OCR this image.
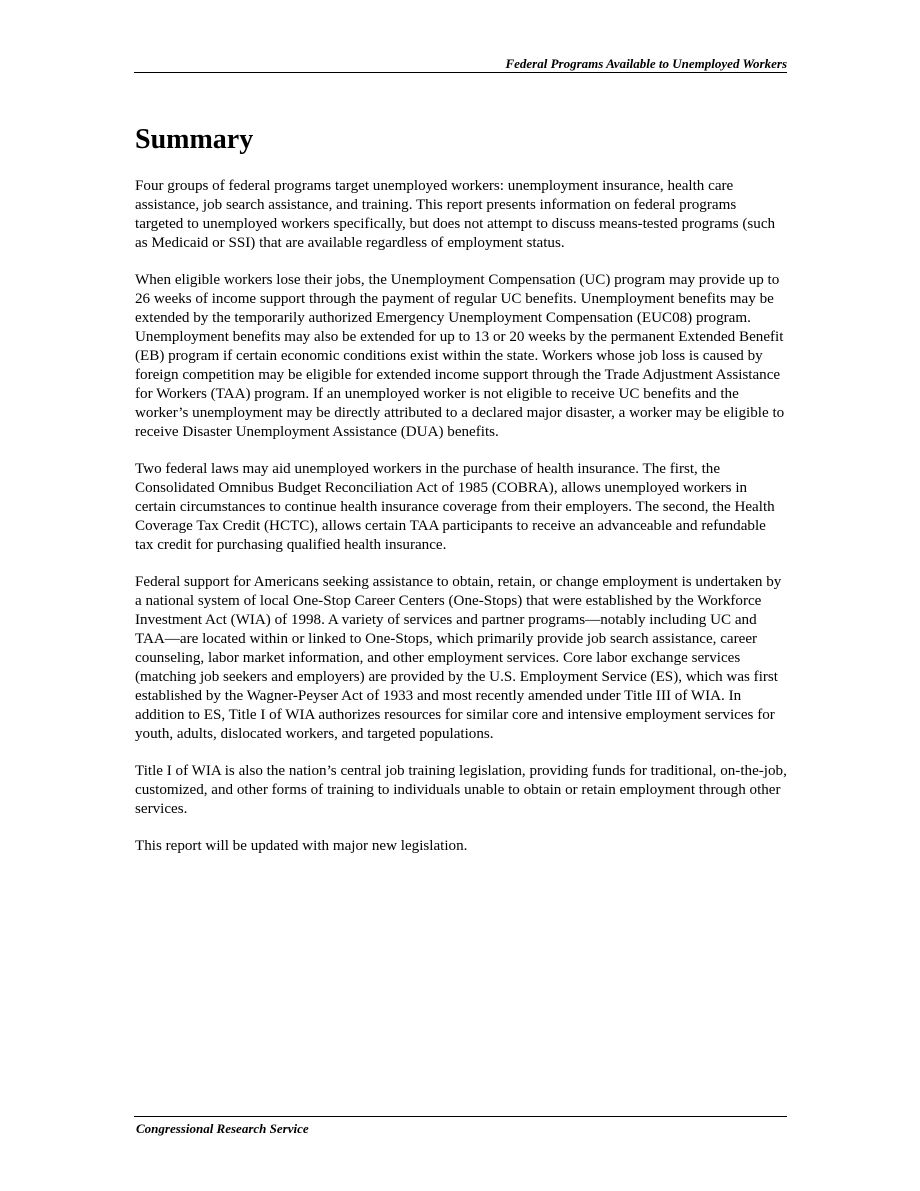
Federal Programs Available to Unemployed Workers
Summary

Four groups of federal programs target unemployed workers: unemployment insurance, health care assistance, job search assistance, and training. This report presents information on federal programs targeted to unemployed workers specifically, but does not attempt to discuss means-tested programs (such as Medicaid or SSI) that are available regardless of employment status.

When eligible workers lose their jobs, the Unemployment Compensation (UC) program may provide up to 26 weeks of income support through the payment of regular UC benefits. Unemployment benefits may be extended by the temporarily authorized Emergency Unemployment Compensation (EUC08) program. Unemployment benefits may also be extended for up to 13 or 20 weeks by the permanent Extended Benefit (EB) program if certain economic conditions exist within the state. Workers whose job loss is caused by foreign competition may be eligible for extended income support through the Trade Adjustment Assistance for Workers (TAA) program. If an unemployed worker is not eligible to receive UC benefits and the worker’s unemployment may be directly attributed to a declared major disaster, a worker may be eligible to receive Disaster Unemployment Assistance (DUA) benefits.

Two federal laws may aid unemployed workers in the purchase of health insurance. The first, the Consolidated Omnibus Budget Reconciliation Act of 1985 (COBRA), allows unemployed workers in certain circumstances to continue health insurance coverage from their employers. The second, the Health Coverage Tax Credit (HCTC), allows certain TAA participants to receive an advanceable and refundable tax credit for purchasing qualified health insurance.

Federal support for Americans seeking assistance to obtain, retain, or change employment is undertaken by a national system of local One-Stop Career Centers (One-Stops) that were established by the Workforce Investment Act (WIA) of 1998. A variety of services and partner programs—notably including UC and TAA—are located within or linked to One-Stops, which primarily provide job search assistance, career counseling, labor market information, and other employment services. Core labor exchange services (matching job seekers and employers) are provided by the U.S. Employment Service (ES), which was first established by the Wagner-Peyser Act of 1933 and most recently amended under Title III of WIA. In addition to ES, Title I of WIA authorizes resources for similar core and intensive employment services for youth, adults, dislocated workers, and targeted populations.

Title I of WIA is also the nation’s central job training legislation, providing funds for traditional, on-the-job, customized, and other forms of training to individuals unable to obtain or retain employment through other services.

This report will be updated with major new legislation.

Congressional Research Service
